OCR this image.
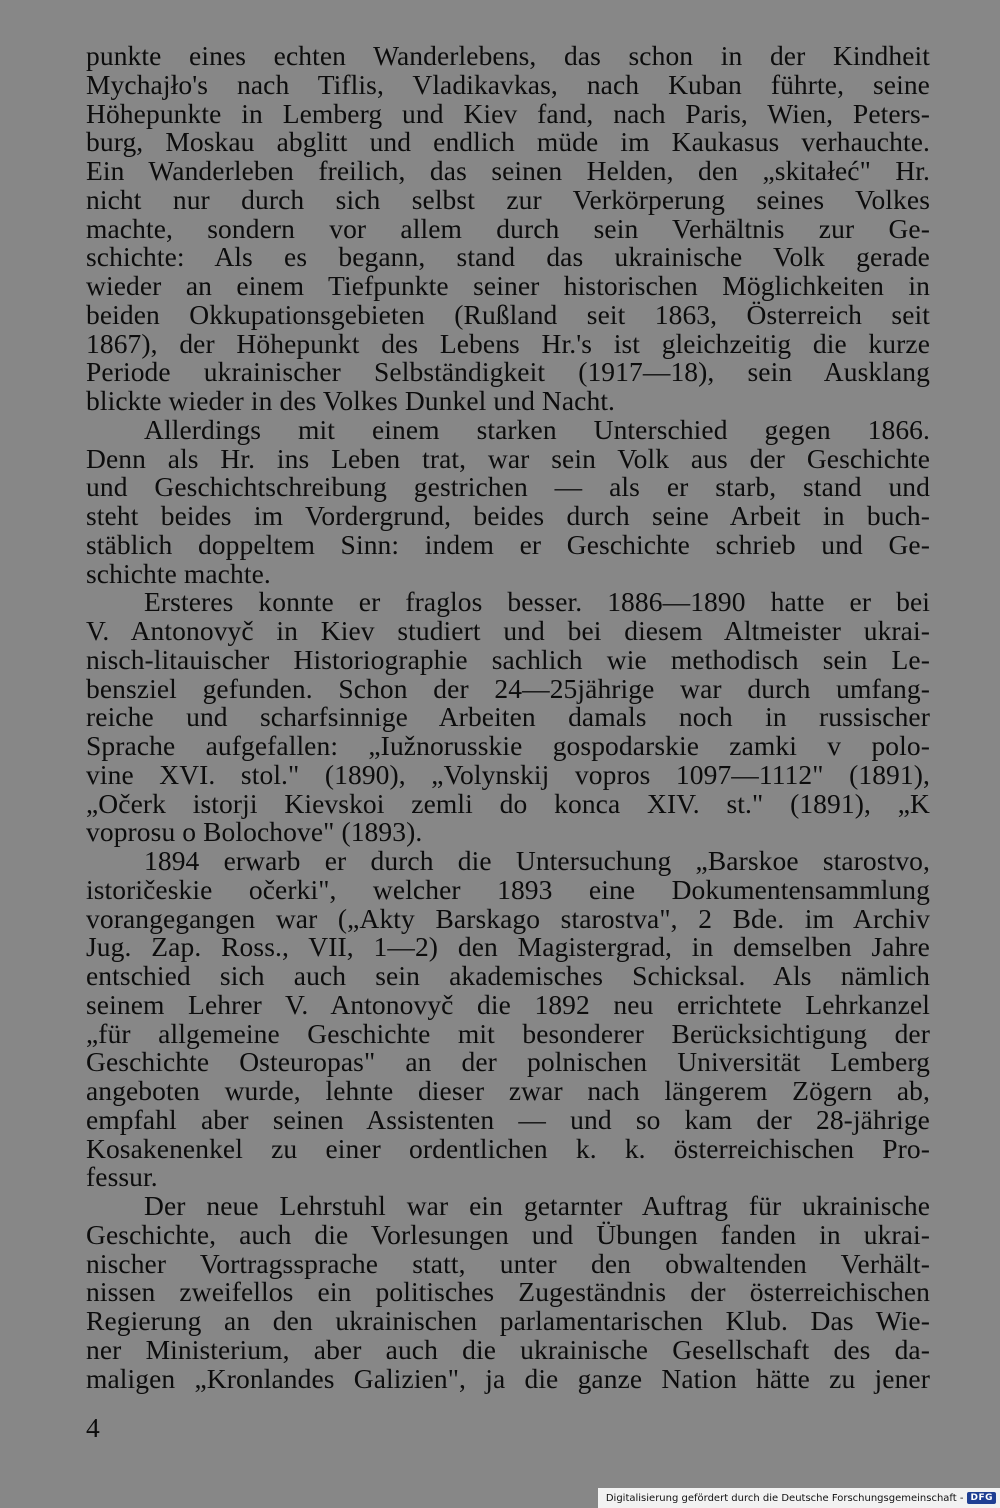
punkte eines echten Wanderlebens, das schon in der Kindheit
Mychajło's nach Tiflis, Vladikavkas, nach Kuban führte, seine
Höhepunkte in Lemberg und Kiev fand, nach Paris, Wien, Peters-
burg, Moskau abglitt und endlich müde im Kaukasus verhauchte.
Ein Wanderleben freilich, das seinen Helden, den „skitałeć" Hr.
nicht nur durch sich selbst zur Verkörperung seines Volkes
machte, sondern vor allem durch sein Verhältnis zur Ge-
schichte: Als es begann, stand das ukrainische Volk gerade
wieder an einem Tiefpunkte seiner historischen Möglichkeiten in
beiden Okkupationsgebieten (Rußland seit 1863, Österreich seit
1867), der Höhepunkt des Lebens Hr.'s ist gleichzeitig die kurze
Periode ukrainischer Selbständigkeit (1917—18), sein Ausklang
blickte wieder in des Volkes Dunkel und Nacht.
Allerdings mit einem starken Unterschied gegen 1866.
Denn als Hr. ins Leben trat, war sein Volk aus der Geschichte
und Geschichtschreibung gestrichen — als er starb, stand und
steht beides im Vordergrund, beides durch seine Arbeit in buch-
stäblich doppeltem Sinn: indem er Geschichte schrieb und Ge-
schichte machte.
Ersteres konnte er fraglos besser. 1886—1890 hatte er bei
V. Antonovyč in Kiev studiert und bei diesem Altmeister ukrai-
nisch-litauischer Historiographie sachlich wie methodisch sein Le-
bensziel gefunden. Schon der 24—25jährige war durch umfang-
reiche und scharfsinnige Arbeiten damals noch in russischer
Sprache aufgefallen: „Iužnorusskie gospodarskie zamki v polo-
vine XVI. stol." (1890), „Volynskij vopros 1097—1112" (1891),
„Očerk istorji Kievskoi zemli do konca XIV. st." (1891), „K
voprosu o Bolochove" (1893).
1894 erwarb er durch die Untersuchung „Barskoe starostvo,
istoričeskie očerki", welcher 1893 eine Dokumentensammlung
vorangegangen war („Akty Barskago starostva", 2 Bde. im Archiv
Jug. Zap. Ross., VII, 1—2) den Magistergrad, in demselben Jahre
entschied sich auch sein akademisches Schicksal. Als nämlich
seinem Lehrer V. Antonovyč die 1892 neu errichtete Lehrkanzel
„für allgemeine Geschichte mit besonderer Berücksichtigung der
Geschichte Osteuropas" an der polnischen Universität Lemberg
angeboten wurde, lehnte dieser zwar nach längerem Zögern ab,
empfahl aber seinen Assistenten — und so kam der 28-jährige
Kosakenenkel zu einer ordentlichen k. k. österreichischen Pro-
fessur.
Der neue Lehrstuhl war ein getarnter Auftrag für ukrainische
Geschichte, auch die Vorlesungen und Übungen fanden in ukrai-
nischer Vortragssprache statt, unter den obwaltenden Verhält-
nissen zweifellos ein politisches Zugeständnis der österreichischen
Regierung an den ukrainischen parlamentarischen Klub. Das Wie-
ner Ministerium, aber auch die ukrainische Gesellschaft des da-
maligen „Kronlandes Galizien", ja die ganze Nation hätte zu jener
4
Digitalisierung gefördert durch die Deutsche Forschungsgemeinschaft - DFG
